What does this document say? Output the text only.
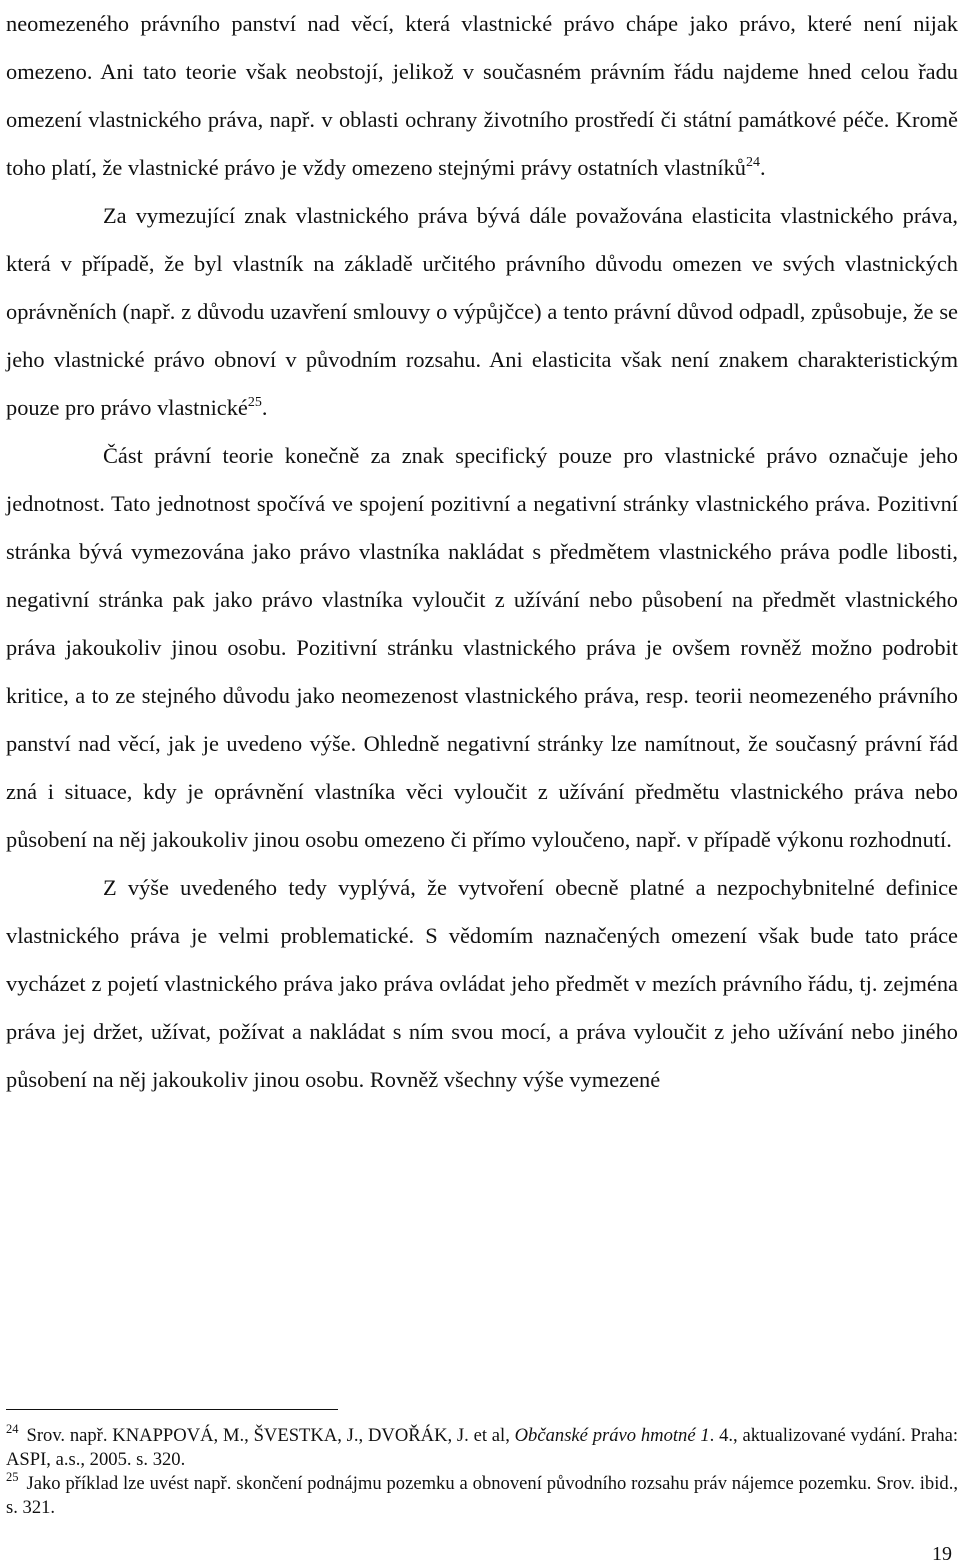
neomezeného právního panství nad věcí, která vlastnické právo chápe jako právo, které není nijak omezeno. Ani tato teorie však neobstojí, jelikož v současném právním řádu najdeme hned celou řadu omezení vlastnického práva, např. v oblasti ochrany životního prostředí či státní památkové péče. Kromě toho platí, že vlastnické právo je vždy omezeno stejnými právy ostatních vlastníků$^{24}$.

Za vymezující znak vlastnického práva bývá dále považována elasticita vlastnického práva, která v případě, že byl vlastník na základě určitého právního důvodu omezen ve svých vlastnických oprávněních (např. z důvodu uzavření smlouvy o výpůjčce) a tento právní důvod odpadl, způsobuje, že se jeho vlastnické právo obnoví v původním rozsahu. Ani elasticita však není znakem charakteristickým pouze pro právo vlastnické$^{25}$.

Část právní teorie konečně za znak specifický pouze pro vlastnické právo označuje jeho jednotnost. Tato jednotnost spočívá ve spojení pozitivní a negativní stránky vlastnického práva. Pozitivní stránka bývá vymezována jako právo vlastníka nakládat s předmětem vlastnického práva podle libosti, negativní stránka pak jako právo vlastníka vyloučit z užívání nebo působení na předmět vlastnického práva jakoukoliv jinou osobu. Pozitivní stránku vlastnického práva je ovšem rovněž možno podrobit kritice, a to ze stejného důvodu jako neomezenost vlastnického práva, resp. teorii neomezeného právního panství nad věcí, jak je uvedeno výše. Ohledně negativní stránky lze namítnout, že současný právní řád zná i situace, kdy je oprávnění vlastníka věci vyloučit z užívání předmětu vlastnického práva nebo působení na něj jakoukoliv jinou osobu omezeno či přímo vyloučeno, např. v případě výkonu rozhodnutí.

Z výše uvedeného tedy vyplývá, že vytvoření obecně platné a nezpochybnitelné definice vlastnického práva je velmi problematické. S vědomím naznačených omezení však bude tato práce vycházet z pojetí vlastnického práva jako práva ovládat jeho předmět v mezích právního řádu, tj. zejména práva jej držet, užívat, požívat a nakládat s ním svou mocí, a práva vyloučit z jeho užívání nebo jiného působení na něj jakoukoliv jinou osobu. Rovněž všechny výše vymezené

$^{24}$ Srov. např. KNAPPOVÁ, M., ŠVESTKA, J., DVOŘÁK, J. et al, Občanské právo hmotné 1. 4., aktualizované vydání. Praha: ASPI, a.s., 2005. s. 320.

$^{25}$ Jako příklad lze uvést např. skončení podnájmu pozemku a obnovení původního rozsahu práv nájemce pozemku. Srov. ibid., s. 321.

19
